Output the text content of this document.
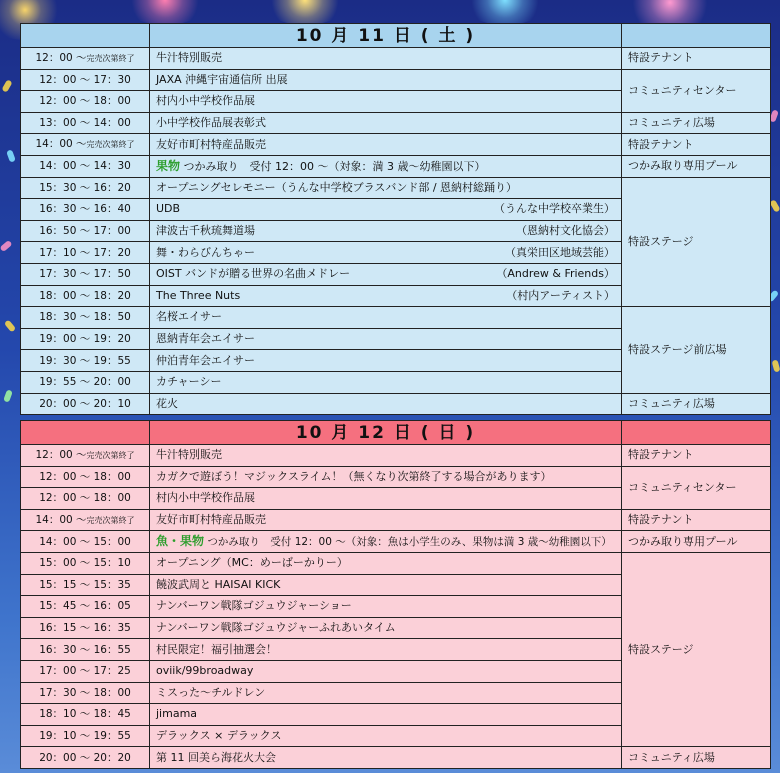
	10 月 11 日 ( 土 )	
12：00 〜完売次第終了	牛汁特別販売	特設テナント
12：00 〜 17：30	JAXA 沖縄宇宙通信所 出展	コミュニティセンター
12：00 〜 18：00	村内小中学校作品展	
13：00 〜 14：00	小中学校作品展表彰式	コミュニティ広場
14：00 〜完売次第終了	友好市町村特産品販売	特設テナント
14：00 〜 14：30	果物 つかみ取り　受付 12：00 〜（対象：満 3 歳〜幼稚園以下）	つかみ取り専用プール
15：30 〜 16：20	オープニングセレモニー（うんな中学校ブラスバンド部 / 恩納村総踊り）	特設ステージ
16：30 〜 16：40	UDB （うんな中学校卒業生）	

16：50 〜 17：00	津波古千秋琉舞道場 （恩納村文化協会）	

17：10 〜 17：20	舞・わらびんちゃー （真栄田区地域芸能）	

17：30 〜 17：50	OIST バンドが贈る世界の名曲メドレー （Andrew & Friends）	

18：00 〜 18：20	The Three Nuts （村内アーティスト）	

18：30 〜 18：50	名桜エイサー	特設ステージ前広場
19：00 〜 19：20	恩納青年会エイサー	
19：30 〜 19：55	仲泊青年会エイサー	
19：55 〜 20：00	カチャーシー	
20：00 〜 20：10	花火	コミュニティ広場
	10 月 12 日 ( 日 )	
12：00 〜完売次第終了	牛汁特別販売	特設テナント
12：00 〜 18：00	カガクで遊ぼう！マジックスライム！（無くなり次第終了する場合があります）	コミュニティセンター
12：00 〜 18：00	村内小中学校作品展	
14：00 〜完売次第終了	友好市町村特産品販売	特設テナント
14：00 〜 15：00	魚・果物 つかみ取り　受付 12：00 〜（対象：魚は小学生のみ、果物は満 3 歳〜幼稚園以下）	つかみ取り専用プール
15：00 〜 15：10	オープニング（MC：めーばーかりー）	特設ステージ
15：15 〜 15：35	饒波武周と HAISAI KICK	
15：45 〜 16：05	ナンバーワン戦隊ゴジュウジャーショー	
16：15 〜 16：35	ナンバーワン戦隊ゴジュウジャーふれあいタイム	
16：30 〜 16：55	村民限定！福引抽選会！	
17：00 〜 17：25	oviik/99broadway	
17：30 〜 18：00	ミスった〜チルドレン	
18：10 〜 18：45	jimama	
19：10 〜 19：55	デラックス × デラックス	
20：00 〜 20：20	第 11 回美ら海花火大会	コミュニティ広場
